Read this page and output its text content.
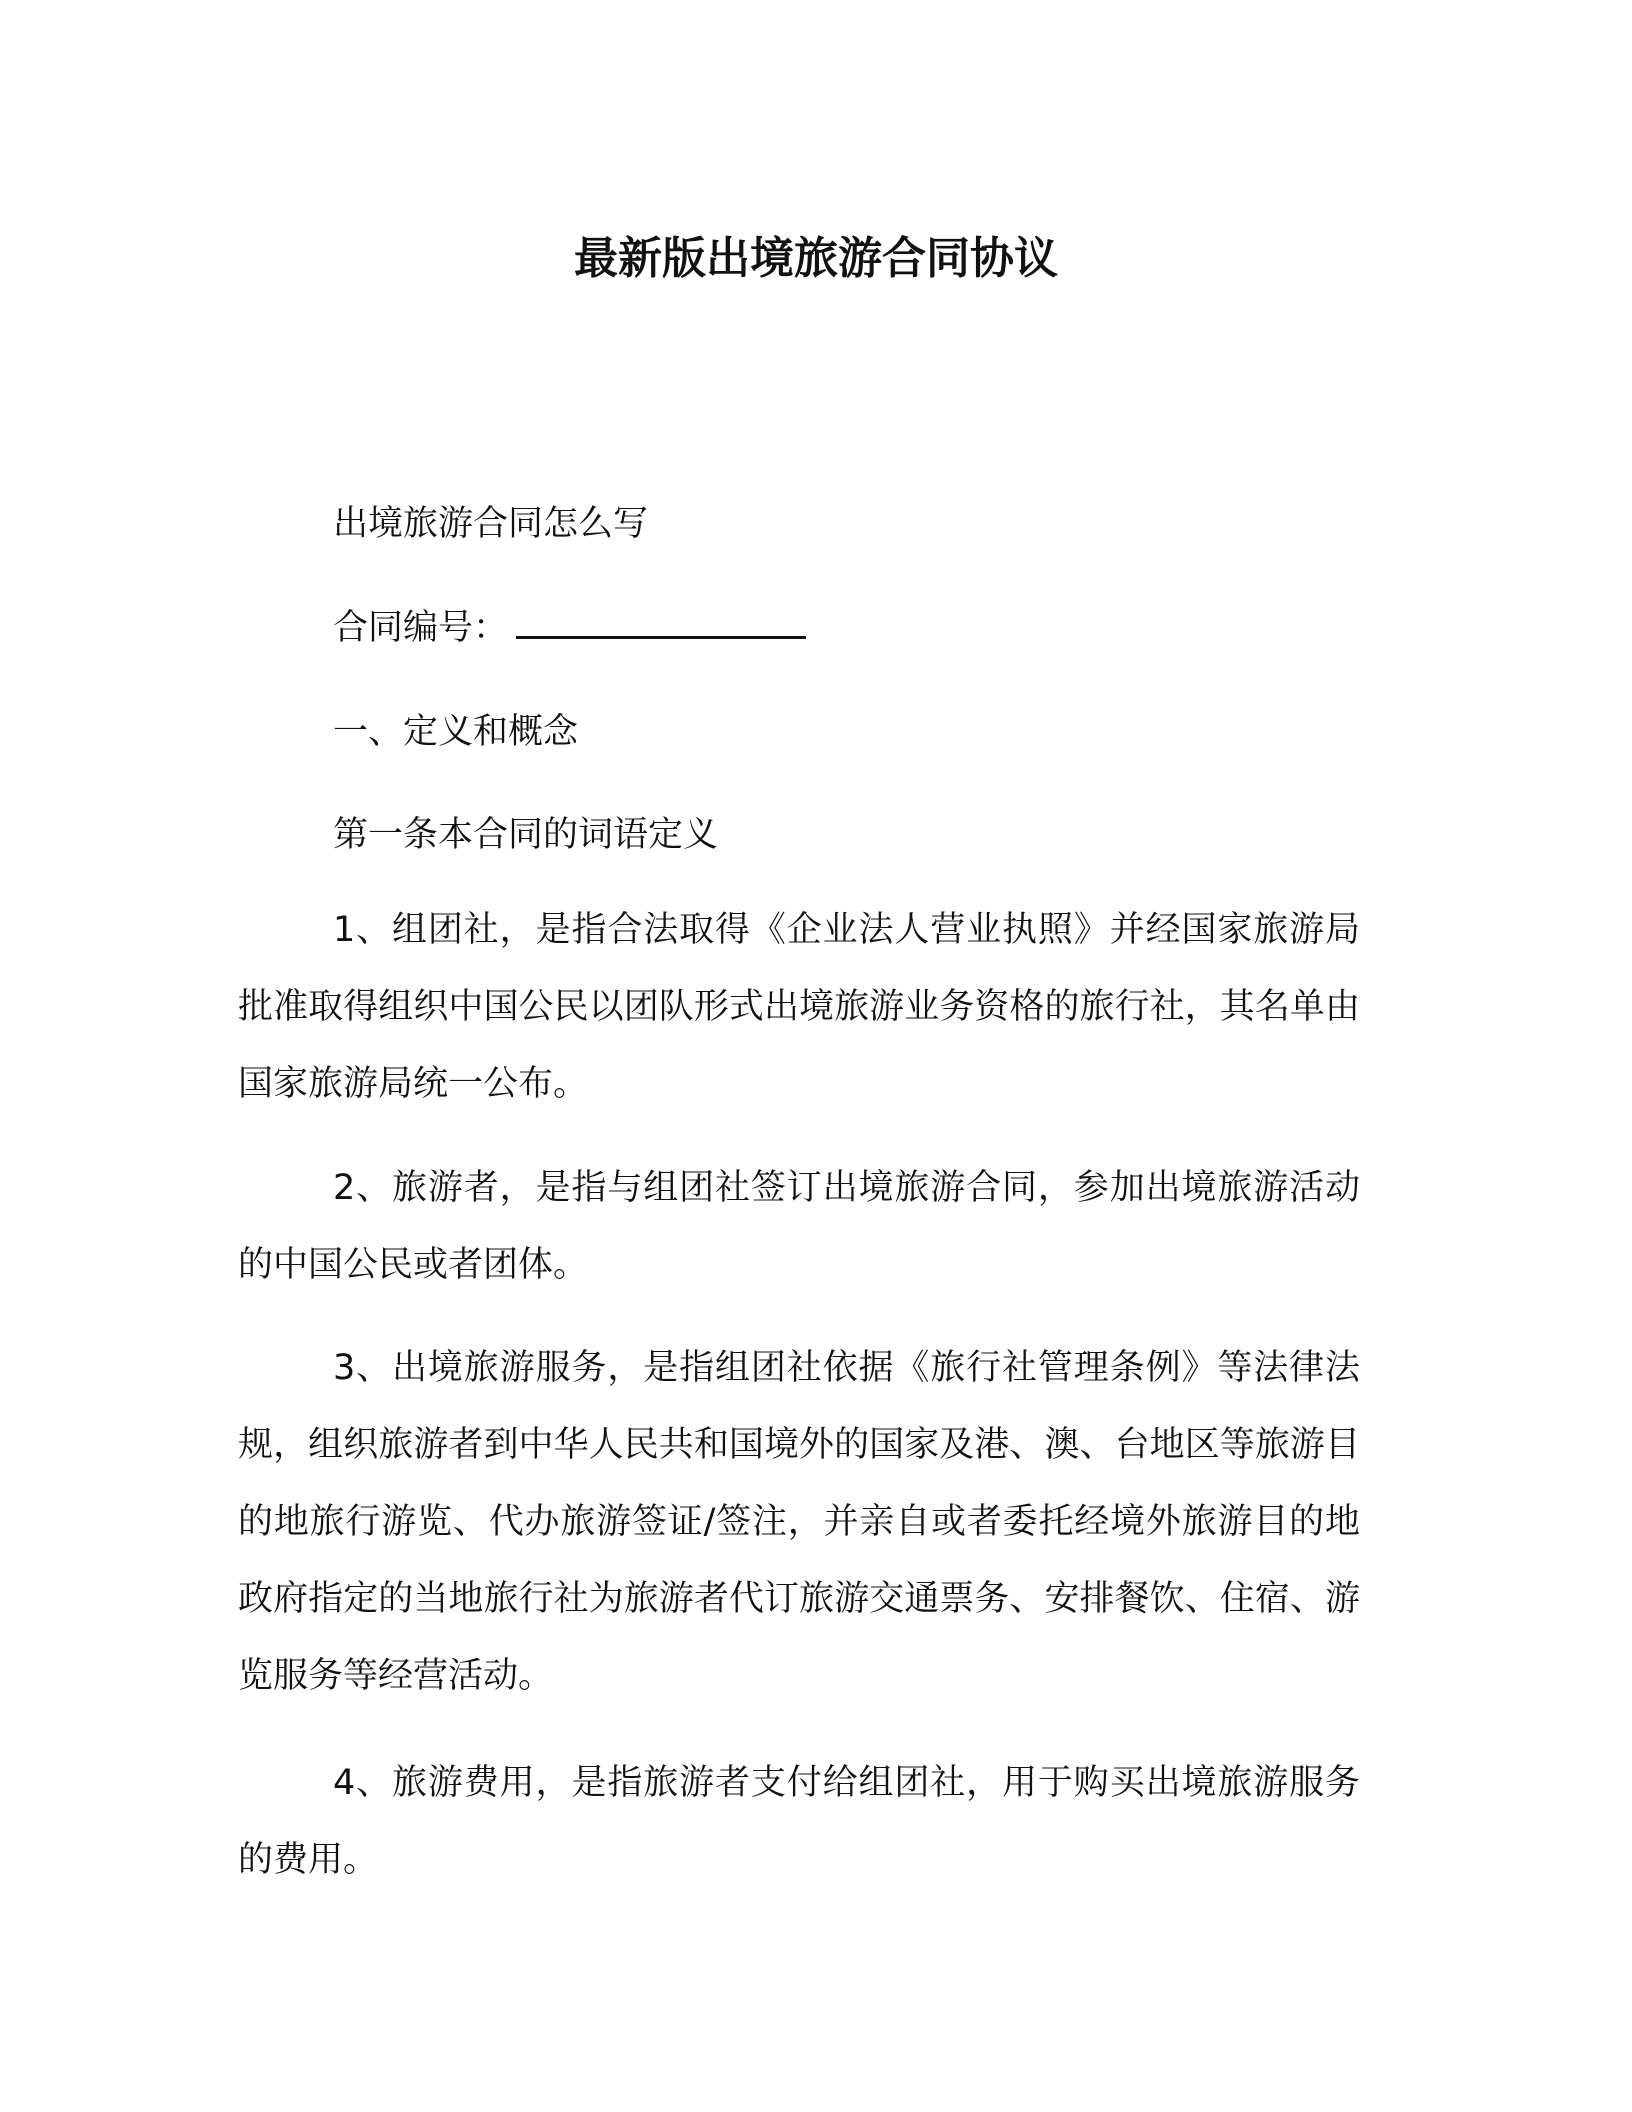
最新版出境旅游合同协议
出境旅游合同怎么写
合同编号：
一、定义和概念
第一条本合同的词语定义
1、组团社，是指合法取得《企业法人营业执照》并经国家旅游局批准取得组织中国公民以团队形式出境旅游业务资格的旅行社，其名单由国家旅游局统一公布。
2、旅游者，是指与组团社签订出境旅游合同，参加出境旅游活动的中国公民或者团体。
3、出境旅游服务，是指组团社依据《旅行社管理条例》等法律法规，组织旅游者到中华人民共和国境外的国家及港、澳、台地区等旅游目的地旅行游览、代办旅游签证/签注，并亲自或者委托经境外旅游目的地政府指定的当地旅行社为旅游者代订旅游交通票务、安排餐饮、住宿、游览服务等经营活动。
4、旅游费用，是指旅游者支付给组团社，用于购买出境旅游服务的费用。
